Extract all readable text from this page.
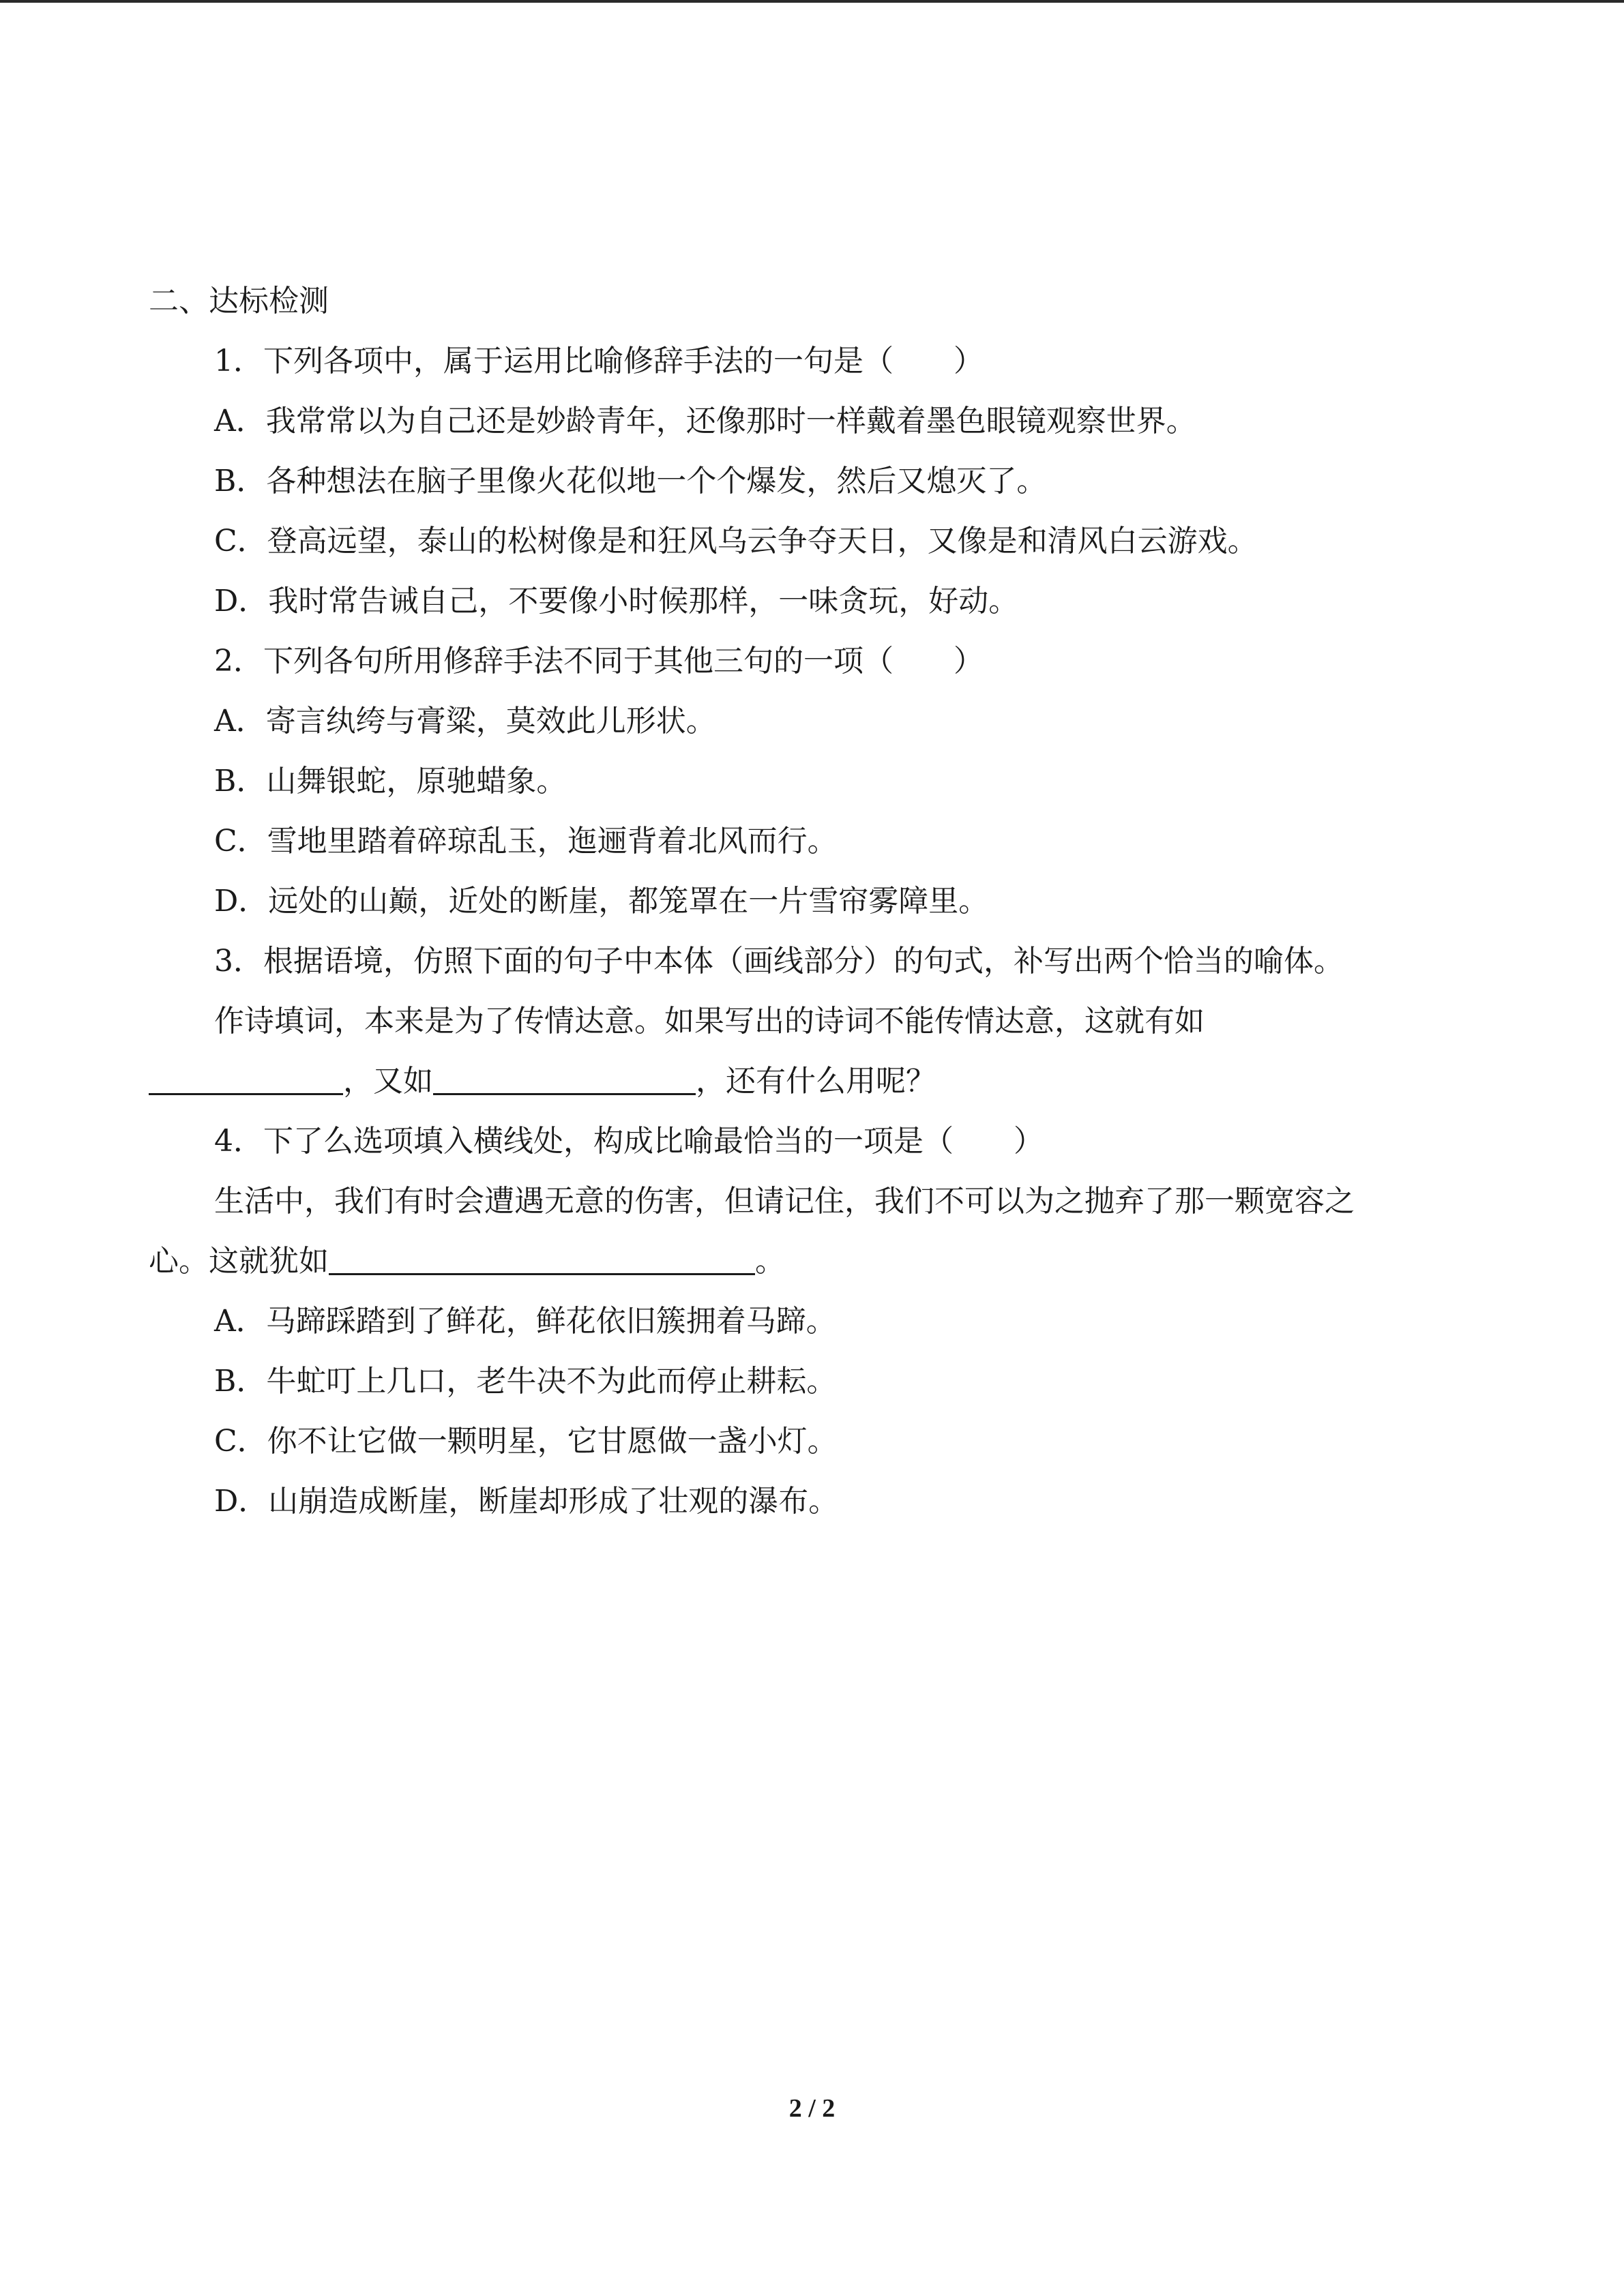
二、达标检测
1．下列各项中，属于运用比喻修辞手法的一句是（　　）
A．我常常以为自己还是妙龄青年，还像那时一样戴着墨色眼镜观察世界。
B．各种想法在脑子里像火花似地一个个爆发，然后又熄灭了。
C．登高远望，泰山的松树像是和狂风乌云争夺天日，又像是和清风白云游戏。
D．我时常告诫自己，不要像小时候那样，一味贪玩，好动。
2．下列各句所用修辞手法不同于其他三句的一项（　　）
A．寄言纨绔与膏粱，莫效此儿形状。
B．山舞银蛇，原驰蜡象。
C．雪地里踏着碎琼乱玉，迤逦背着北风而行。
D．远处的山巅，近处的断崖，都笼罩在一片雪帘雾障里。
3．根据语境，仿照下面的句子中本体（画线部分）的句式，补写出两个恰当的喻体。
作诗填词，本来是为了传情达意。如果写出的诗词不能传情达意，这就有如
，又如	，还有什么用呢？
4．下了么选项填入横线处，构成比喻最恰当的一项是（　　）
生活中，我们有时会遭遇无意的伤害，但请记住，我们不可以为之抛弃了那一颗宽容之
心。这就犹如	。
A．马蹄踩踏到了鲜花，鲜花依旧簇拥着马蹄。
B．牛虻叮上几口，老牛决不为此而停止耕耘。
C．你不让它做一颗明星，它甘愿做一盏小灯。
D．山崩造成断崖，断崖却形成了壮观的瀑布。
2 / 2
